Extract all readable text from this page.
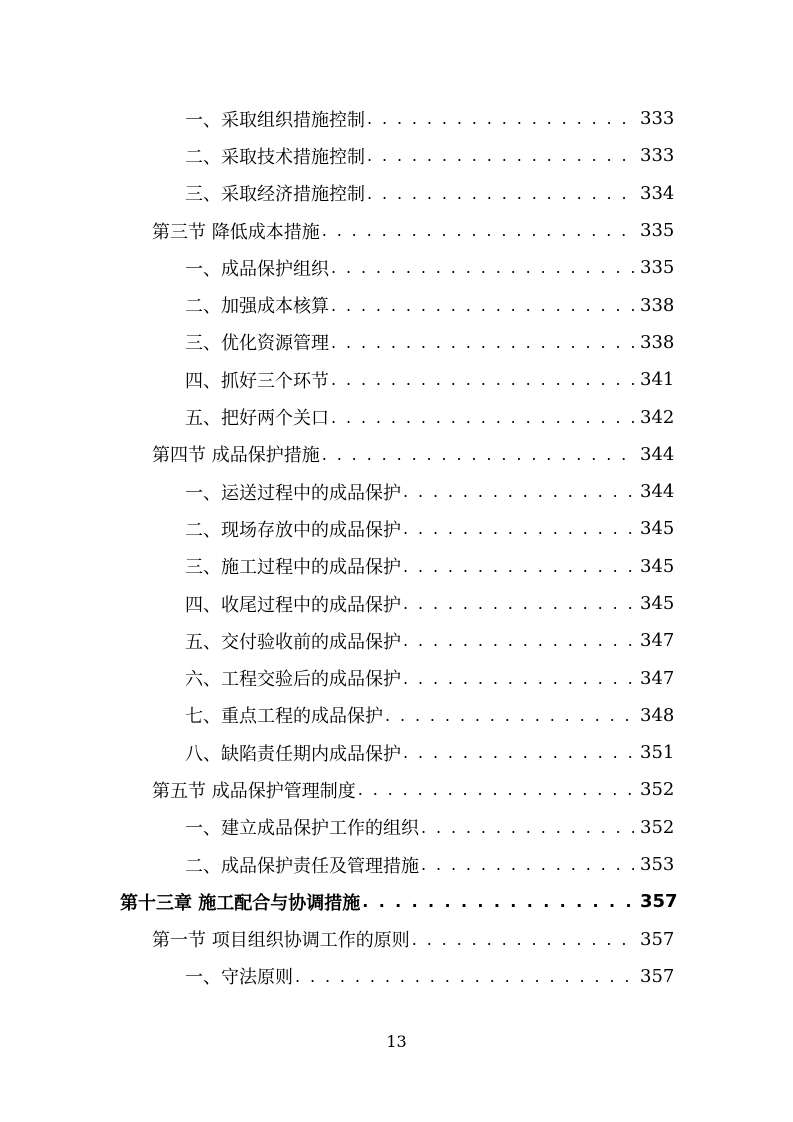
一、采取组织措施控制 . . .	333
二、采取技术措施控制 . . .	333
三、采取经济措施控制 . . .	334
第三节 降低成本措施 . . .	335
一、成品保护组织 . . .	335
二、加强成本核算 . . .	338
三、优化资源管理 . . .	338
四、抓好三个环节 . . .	341
五、把好两个关口 . . .	342
第四节 成品保护措施 . . .	344
一、运送过程中的成品保护 . . .	344
二、现场存放中的成品保护 . . .	345
三、施工过程中的成品保护 . . .	345
四、收尾过程中的成品保护 . . .	345
五、交付验收前的成品保护 . . .	347
六、工程交验后的成品保护 . . .	347
七、重点工程的成品保护 . . .	348
八、缺陷责任期内成品保护 . . .	351
第五节 成品保护管理制度 . . .	352
一、建立成品保护工作的组织 . . .	352
二、成品保护责任及管理措施 . . .	353
第十三章 施工配合与协调措施 . . .	357
第一节 项目组织协调工作的原则 . . .	357
一、守法原则 . . .	357
13
